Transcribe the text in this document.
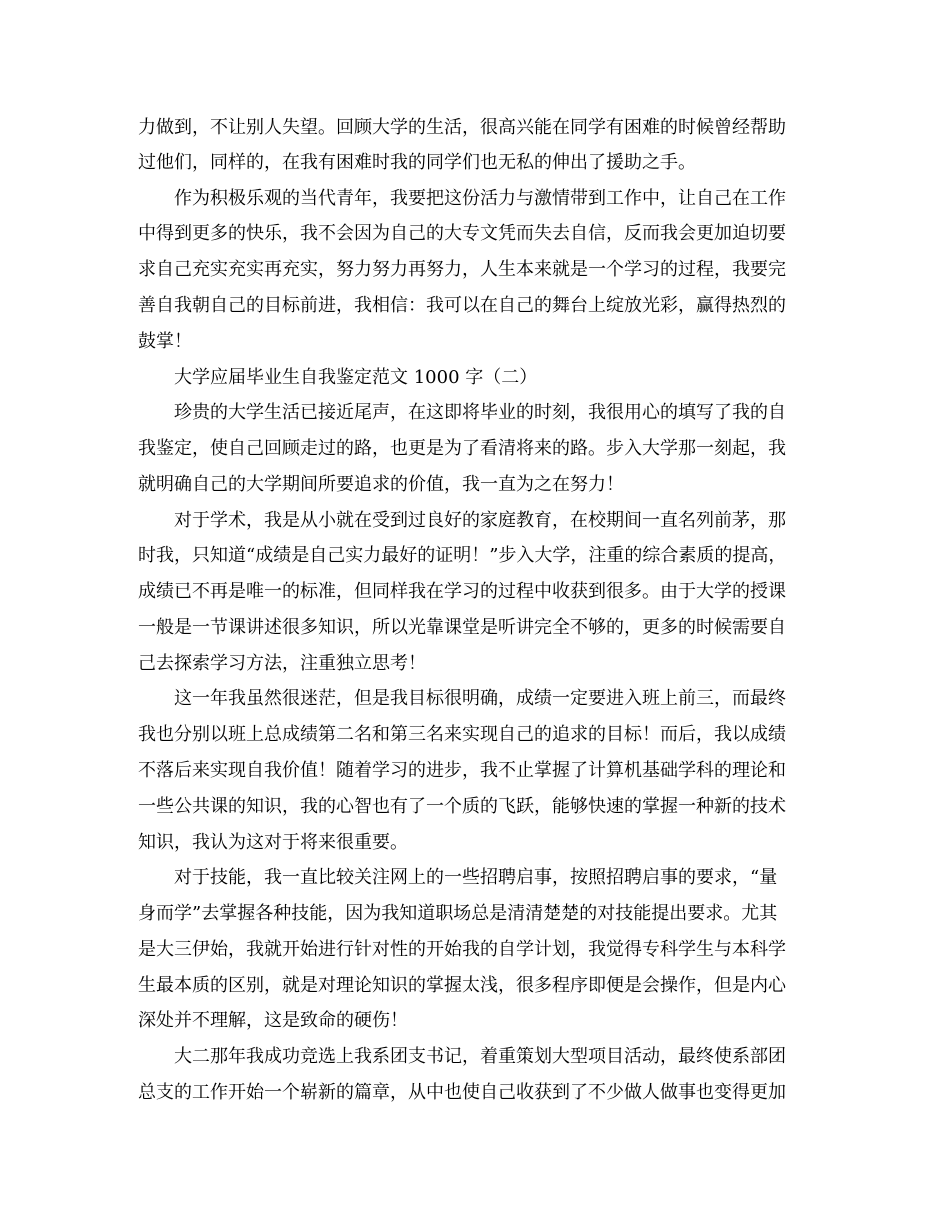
力做到，不让别人失望。回顾大学的生活，很高兴能在同学有困难的时候曾经帮助
过他们，同样的，在我有困难时我的同学们也无私的伸出了援助之手。
作为积极乐观的当代青年，我要把这份活力与激情带到工作中，让自己在工作
中得到更多的快乐，我不会因为自己的大专文凭而失去自信，反而我会更加迫切要
求自己充实充实再充实，努力努力再努力，人生本来就是一个学习的过程，我要完
善自我朝自己的目标前进，我相信：我可以在自己的舞台上绽放光彩，赢得热烈的
鼓掌！
大学应届毕业生自我鉴定范文 1000 字（二）
珍贵的大学生活已接近尾声，在这即将毕业的时刻，我很用心的填写了我的自
我鉴定，使自己回顾走过的路，也更是为了看清将来的路。步入大学那一刻起，我
就明确自己的大学期间所要追求的价值，我一直为之在努力！
对于学术，我是从小就在受到过良好的家庭教育，在校期间一直名列前茅，那
时我，只知道“成绩是自己实力最好的证明！”步入大学，注重的综合素质的提高，
成绩已不再是唯一的标准，但同样我在学习的过程中收获到很多。由于大学的授课
一般是一节课讲述很多知识，所以光靠课堂是听讲完全不够的，更多的时候需要自
己去探索学习方法，注重独立思考！
这一年我虽然很迷茫，但是我目标很明确，成绩一定要进入班上前三，而最终
我也分别以班上总成绩第二名和第三名来实现自己的追求的目标！而后，我以成绩
不落后来实现自我价值！随着学习的进步，我不止掌握了计算机基础学科的理论和
一些公共课的知识，我的心智也有了一个质的飞跃，能够快速的掌握一种新的技术
知识，我认为这对于将来很重要。
对于技能，我一直比较关注网上的一些招聘启事，按照招聘启事的要求，“量
身而学”去掌握各种技能，因为我知道职场总是清清楚楚的对技能提出要求。尤其
是大三伊始，我就开始进行针对性的开始我的自学计划，我觉得专科学生与本科学
生最本质的区别，就是对理论知识的掌握太浅，很多程序即便是会操作，但是内心
深处并不理解，这是致命的硬伤！
大二那年我成功竞选上我系团支书记，着重策划大型项目活动，最终使系部团
总支的工作开始一个崭新的篇章，从中也使自己收获到了不少做人做事也变得更加
